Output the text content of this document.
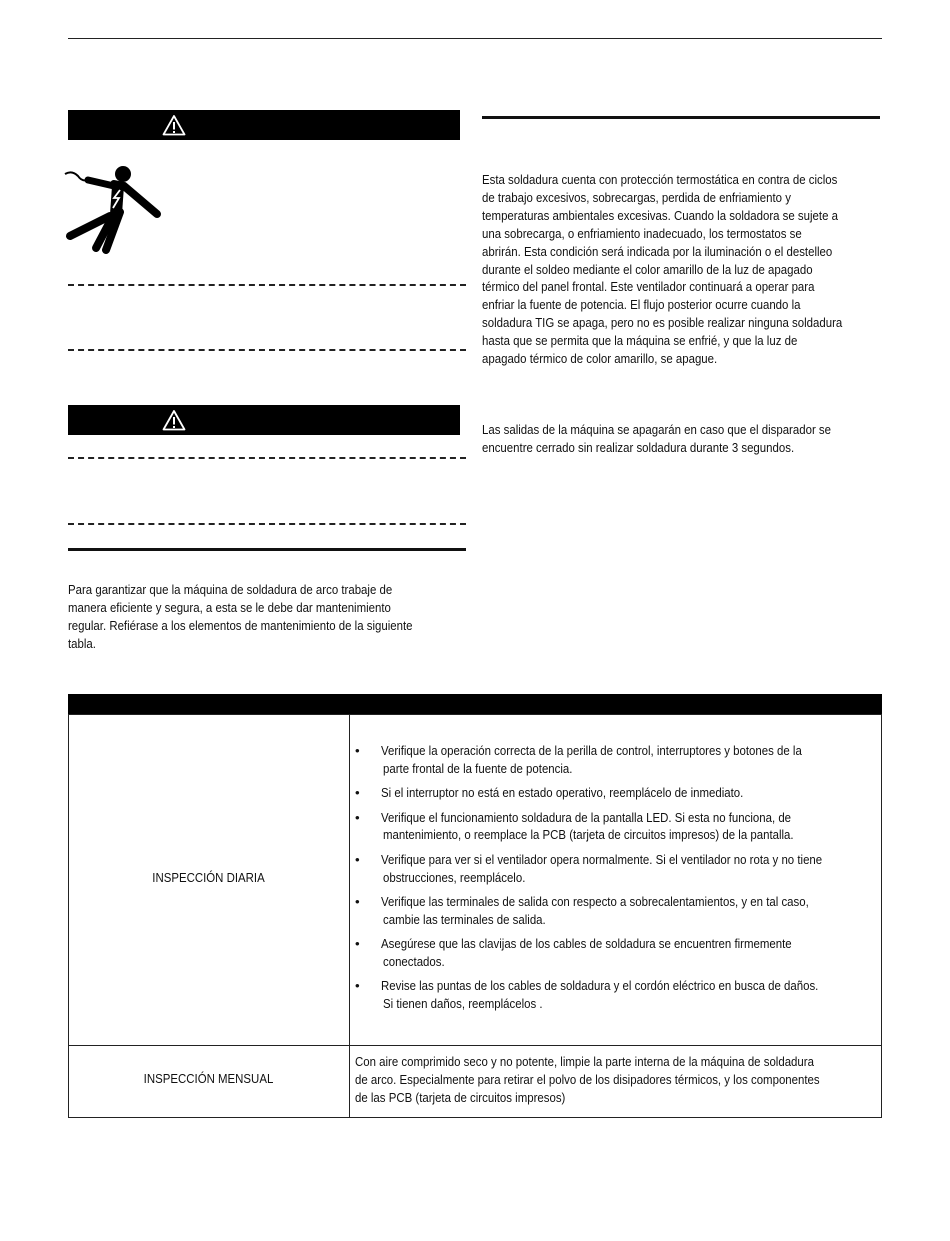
Para garantizar que la máquina de soldadura de arco trabaje de
manera eficiente y segura, a esta se le debe dar mantenimiento
regular. Refiérase a los elementos de mantenimiento de la siguiente
tabla.
Esta soldadura cuenta con protección termostática en contra de ciclos
de trabajo excesivos, sobrecargas, perdida de enfriamiento y
temperaturas ambientales excesivas. Cuando la soldadora se sujete a
una sobrecarga, o enfriamiento inadecuado, los termostatos se
abrirán. Esta condición será indicada por la iluminación o el destelleo
durante el soldeo mediante el color amarillo de la luz de apagado
térmico del panel frontal. Este ventilador continuará a operar para
enfriar la fuente de potencia. El flujo posterior ocurre cuando la
soldadura TIG se apaga, pero no es posible realizar ninguna soldadura
hasta que se permita que la máquina se enfrié, y que la luz de
apagado térmico de color amarillo, se apague.
Las salidas de la máquina se apagarán en caso que el disparador se
encuentre cerrado sin realizar soldadura durante 3 segundos.
INSPECCIÓN DIARIA
• Verifique la operación correcta de la perilla de control, interruptores y botones de la
parte frontal de la fuente de potencia.
• Si el interruptor no está en estado operativo, reemplácelo de inmediato.
• Verifique el funcionamiento soldadura de la pantalla LED. Si esta no funciona, de
mantenimiento, o reemplace la PCB (tarjeta de circuitos impresos) de la pantalla.
• Verifique para ver si el ventilador opera normalmente. Si el ventilador no rota y no tiene
obstrucciones, reemplácelo.
• Verifique las terminales de salida con respecto a sobrecalentamientos, y en tal caso,
cambie las terminales de salida.
• Asegúrese que las clavijas de los cables de soldadura se encuentren firmemente
conectados.
• Revise las puntas de los cables de soldadura y el cordón eléctrico en busca de daños.
Si tienen daños, reemplácelos .
INSPECCIÓN MENSUAL
Con aire comprimido seco y no potente, limpie la parte interna de la máquina de soldadura
de arco. Especialmente para retirar el polvo de los disipadores térmicos, y los componentes
de las PCB (tarjeta de circuitos impresos)
